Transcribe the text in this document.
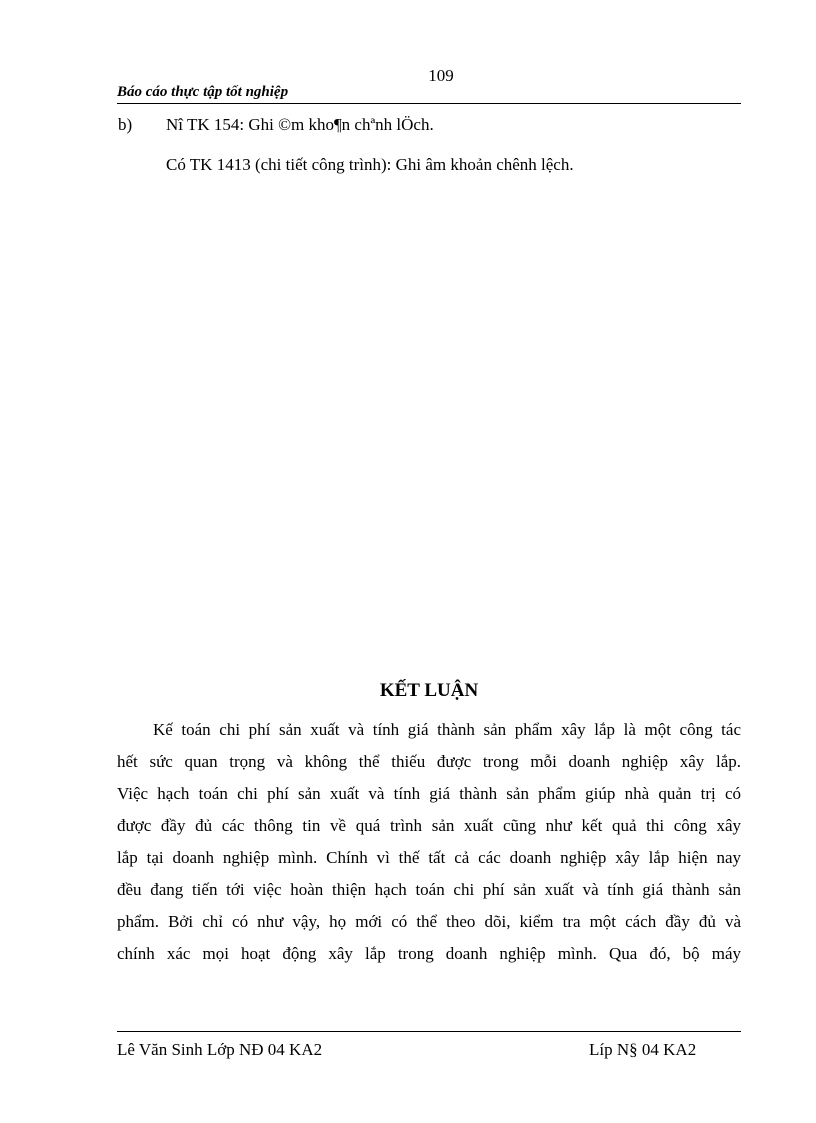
109
Báo cáo thực tập tốt nghiệp
b) Nî TK 154: Ghi ©m kho¶n chªnh lÖch.
Có TK 1413 (chi tiết công trình): Ghi âm khoản chênh lệch.
KẾT LUẬN
Kế toán chi phí sản xuất và tính giá thành sản phẩm xây lắp là một công tác
hết sức quan trọng và không thể thiếu được trong mỗi doanh nghiệp xây lắp.
Việc hạch toán chi phí sản xuất và tính giá thành sản phẩm giúp nhà quản trị có
được đầy đủ các thông tin về quá trình sản xuất cũng như kết quả thi công xây
lắp tại doanh nghiệp mình. Chính vì thế tất cả các doanh nghiệp xây lắp hiện nay
đều đang tiến tới việc hoàn thiện hạch toán chi phí sản xuất và tính giá thành sản
phẩm. Bởi chỉ có như vậy, họ mới có thể theo dõi, kiểm tra một cách đầy đủ và
chính xác mọi hoạt động xây lắp trong doanh nghiệp mình. Qua đó, bộ máy
Lê Văn Sinh Lớp NĐ 04 KA2	Líp N§ 04 KA2
